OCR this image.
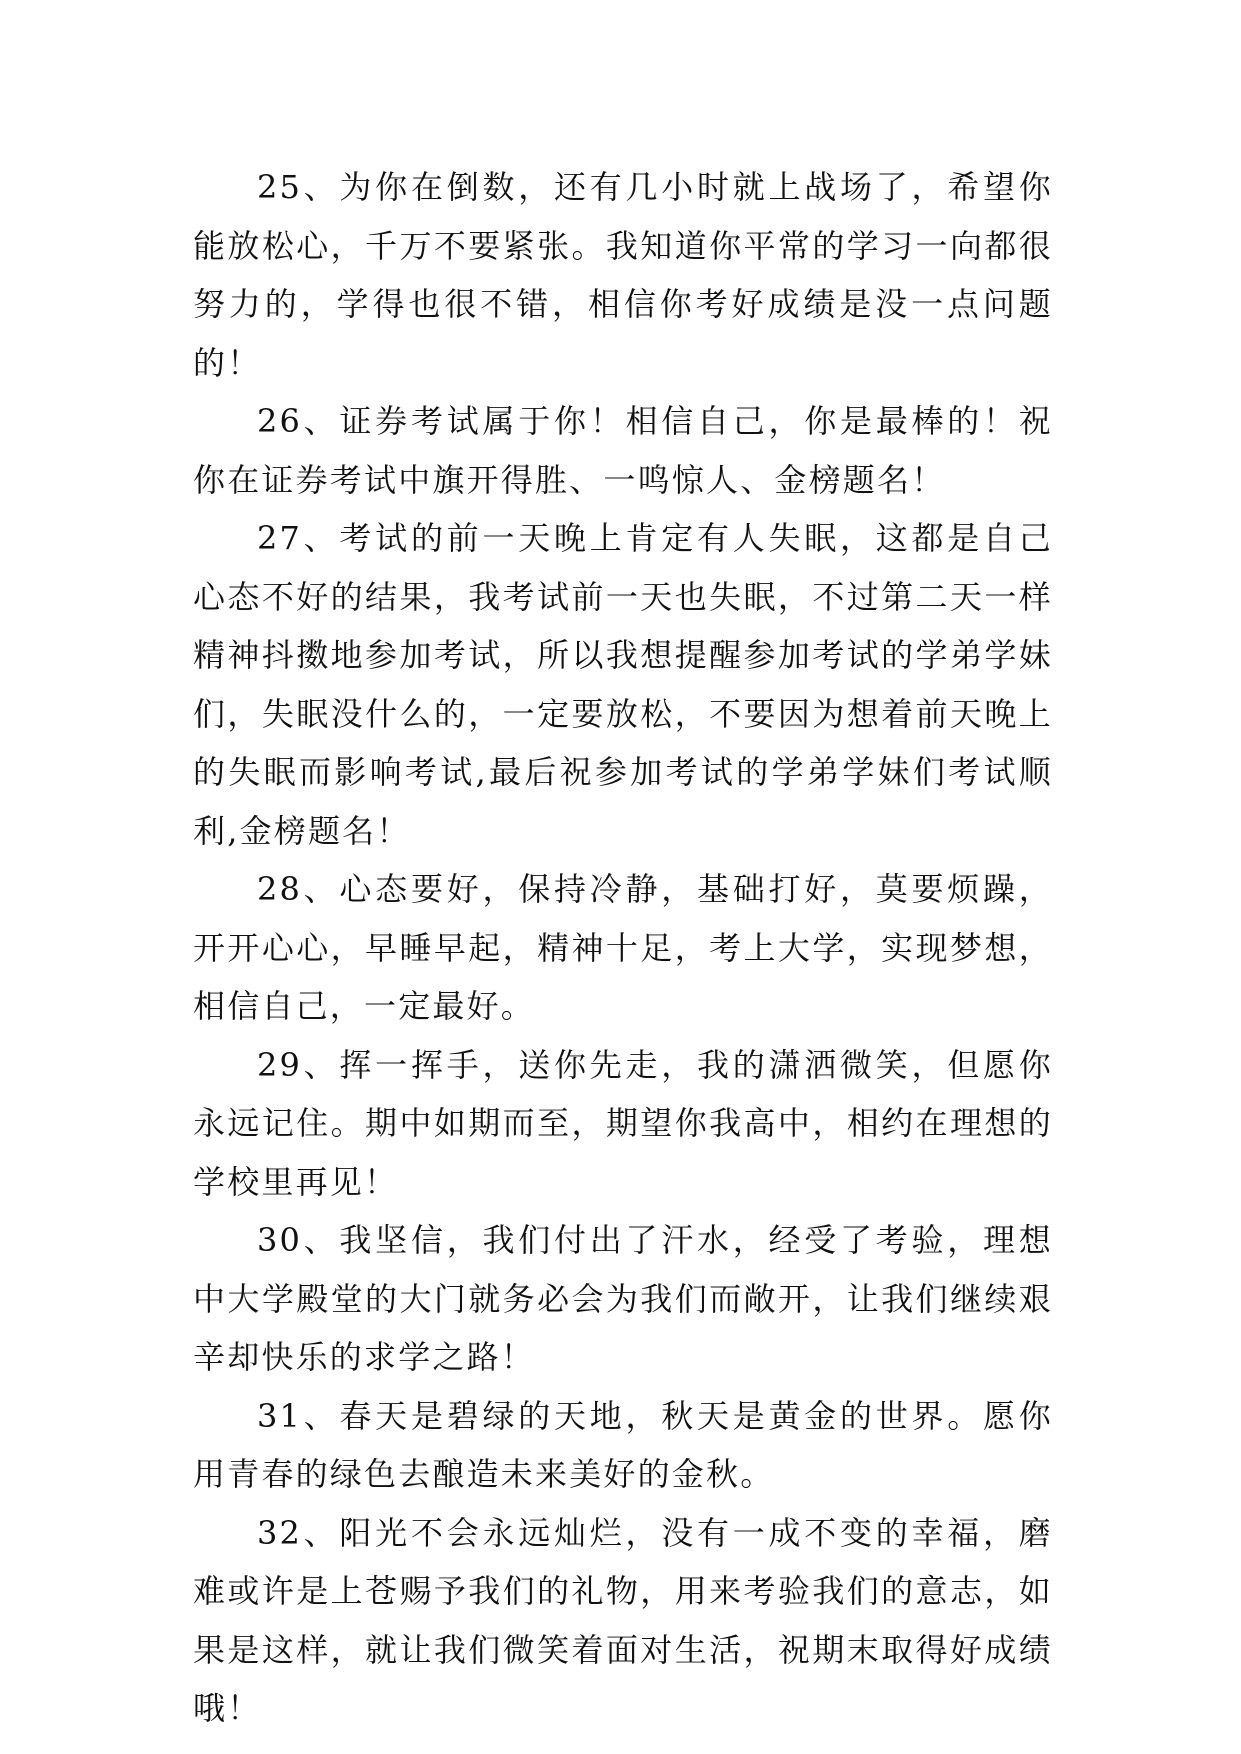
25、为你在倒数，还有几小时就上战场了，希望你能放松心，千万不要紧张。我知道你平常的学习一向都很努力的，学得也很不错，相信你考好成绩是没一点问题的！

26、证券考试属于你！相信自己，你是最棒的！祝你在证券考试中旗开得胜、一鸣惊人、金榜题名！

27、考试的前一天晚上肯定有人失眠，这都是自己心态不好的结果，我考试前一天也失眠，不过第二天一样精神抖擞地参加考试，所以我想提醒参加考试的学弟学妹们，失眠没什么的，一定要放松，不要因为想着前天晚上的失眠而影响考试,最后祝参加考试的学弟学妹们考试顺利,金榜题名！

28、心态要好，保持冷静，基础打好，莫要烦躁，开开心心，早睡早起，精神十足，考上大学，实现梦想，相信自己，一定最好。

29、挥一挥手，送你先走，我的潇洒微笑，但愿你永远记住。期中如期而至，期望你我高中，相约在理想的学校里再见！

30、我坚信，我们付出了汗水，经受了考验，理想中大学殿堂的大门就务必会为我们而敞开，让我们继续艰辛却快乐的求学之路！

31、春天是碧绿的天地，秋天是黄金的世界。愿你用青春的绿色去酿造未来美好的金秋。

32、阳光不会永远灿烂，没有一成不变的幸福，磨难或许是上苍赐予我们的礼物，用来考验我们的意志，如果是这样，就让我们微笑着面对生活，祝期末取得好成绩哦！
